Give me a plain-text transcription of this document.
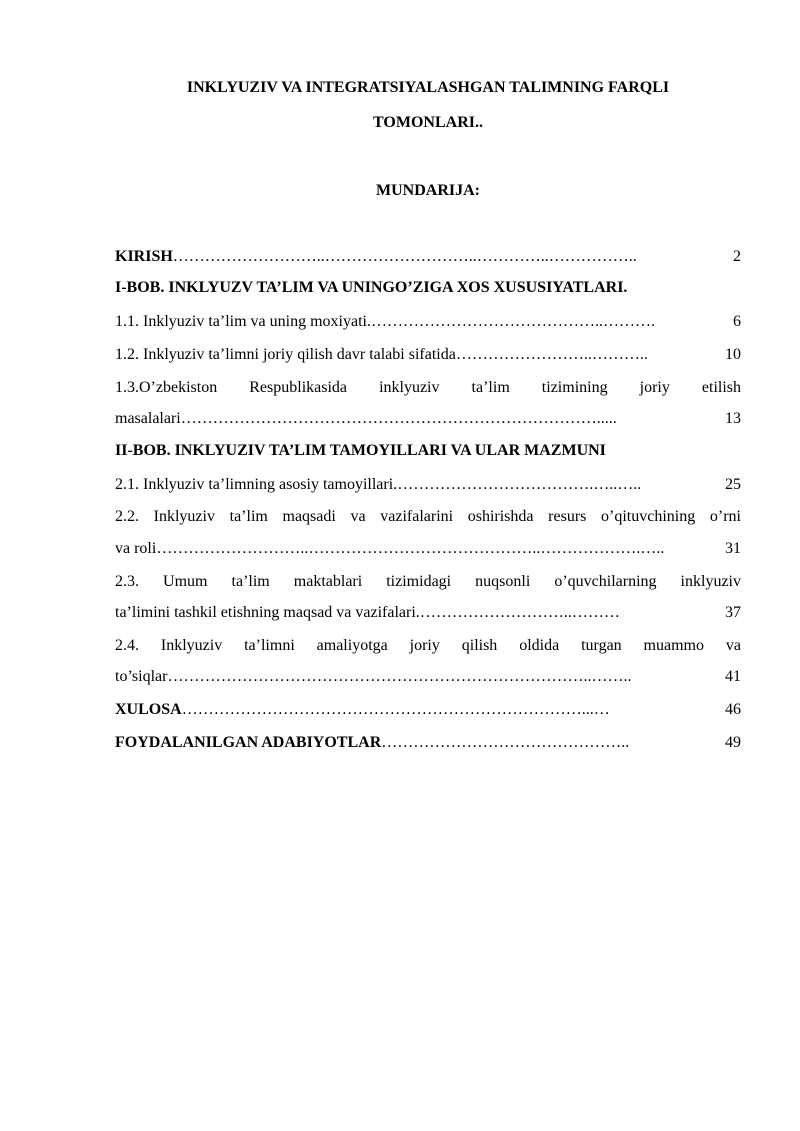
INKLYUZIV VA INTEGRATSIYALASHGAN TALIMNING FARQLI
TOMONLARI..
MUNDARIJA:
KIRISH ………………………..………………………..…………..……………..	2
I-BOB. INKLYUZV TA’LIM VA UNINGO’ZIGA XOS XUSUSIYATLARI.
1.1. Inklyuziv ta’lim va uning moxiyati .……………………………………..……….	6
1.2. Inklyuziv ta’limni joriy qilish davr talabi sifatida ……………………..………..	10
1.3.O’zbekiston Respublikasida inklyuziv ta’lim tizimining joriy etilish
masalalari …………………………………………………………………….....	13
II-BOB. INKLYUZIV TA’LIM TAMOYILLARI VA ULAR MAZMUNI
2.1. Inklyuziv ta’limning asosiy tamoyillari. ……………………………….…..…..	25
2.2. Inklyuziv ta’lim maqsadi va vazifalarini oshirishda resurs o’qituvchining o’rni
va roli ………………………..……………………………………..……………….…..	31
2.3. Umum ta’lim maktablari tizimidagi nuqsonli o’quvchilarning inklyuziv
ta’limini tashkil etishning maqsad va vazifalari. ………………………..………	37
2.4. Inklyuziv ta’limni amaliyotga joriy qilish oldida turgan muammo va
to’siqlar ……………………………………………………………………..……..	41
XULOSA …………………………………………………………………...…	46
FOYDALANILGAN ADABIYOTLAR ………………………………………..	49
